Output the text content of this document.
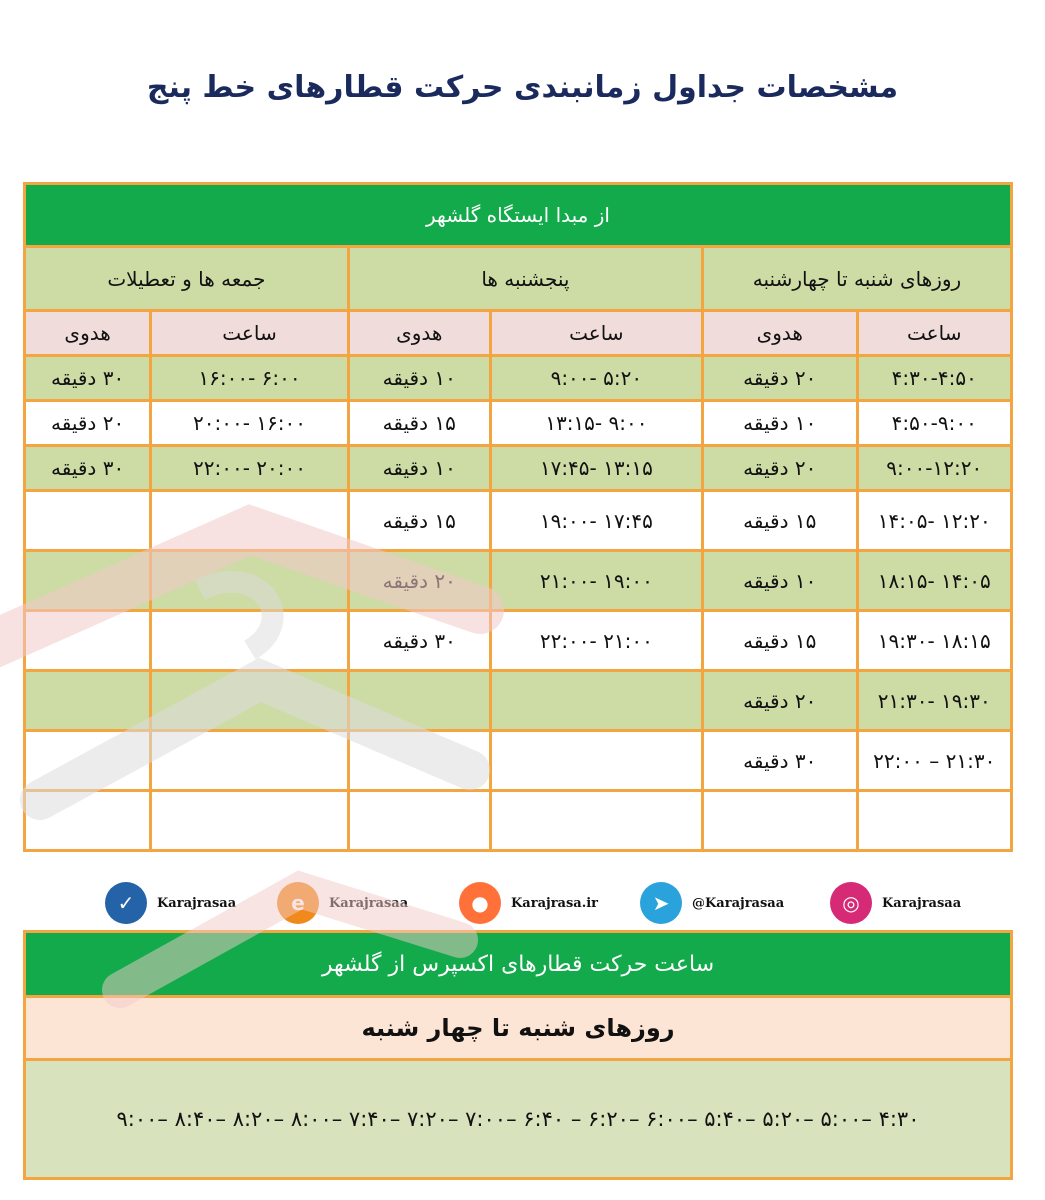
مشخصات جداول زمانبندی حرکت قطارهای خط پنج
از مبدا ایستگاه گلشهر					
روزهای شنبه تا چهارشنبه		پنجشنبه ها		جمعه ها و تعطیلات	
ساعت	هدوی	ساعت	هدوی	ساعت	هدوی
۴:۳۰-۴:۵۰	۲۰ دقیقه	۵:۲۰ -۹:۰۰	۱۰ دقیقه	۶:۰۰ -۱۶:۰۰	۳۰ دقیقه
۴:۵۰-۹:۰۰	۱۰ دقیقه	۹:۰۰ -۱۳:۱۵	۱۵ دقیقه	۱۶:۰۰ -۲۰:۰۰	۲۰ دقیقه
۹:۰۰-۱۲:۲۰	۲۰ دقیقه	۱۳:۱۵ -۱۷:۴۵	۱۰ دقیقه	۲۰:۰۰ -۲۲:۰۰	۳۰ دقیقه
۱۲:۲۰ -۱۴:۰۵	۱۵ دقیقه	۱۷:۴۵ -۱۹:۰۰	۱۵ دقیقه		
۱۴:۰۵ -۱۸:۱۵	۱۰ دقیقه	۱۹:۰۰ -۲۱:۰۰	۲۰ دقیقه		
۱۸:۱۵ -۱۹:۳۰	۱۵ دقیقه	۲۱:۰۰ -۲۲:۰۰	۳۰ دقیقه		
۱۹:۳۰ -۲۱:۳۰	۲۰ دقیقه				
۲۱:۳۰ – ۲۲:۰۰	۳۰ دقیقه				

◎	Karajrasaa
➤	@Karajrasaa
●	Karajrasa.ir
e	Karajrasaa
✓	Karajrasaa
ساعت حرکت قطارهای اکسپرس از گلشهر
روزهای شنبه تا چهار شنبه
۴:۳۰ –۵:۰۰ –۵:۲۰ –۵:۴۰ –۶:۰۰ –۶:۲۰ – ۶:۴۰ –۷:۰۰ –۷:۲۰ –۷:۴۰ –۸:۰۰ –۸:۲۰ –۸:۴۰ –۹:۰۰
